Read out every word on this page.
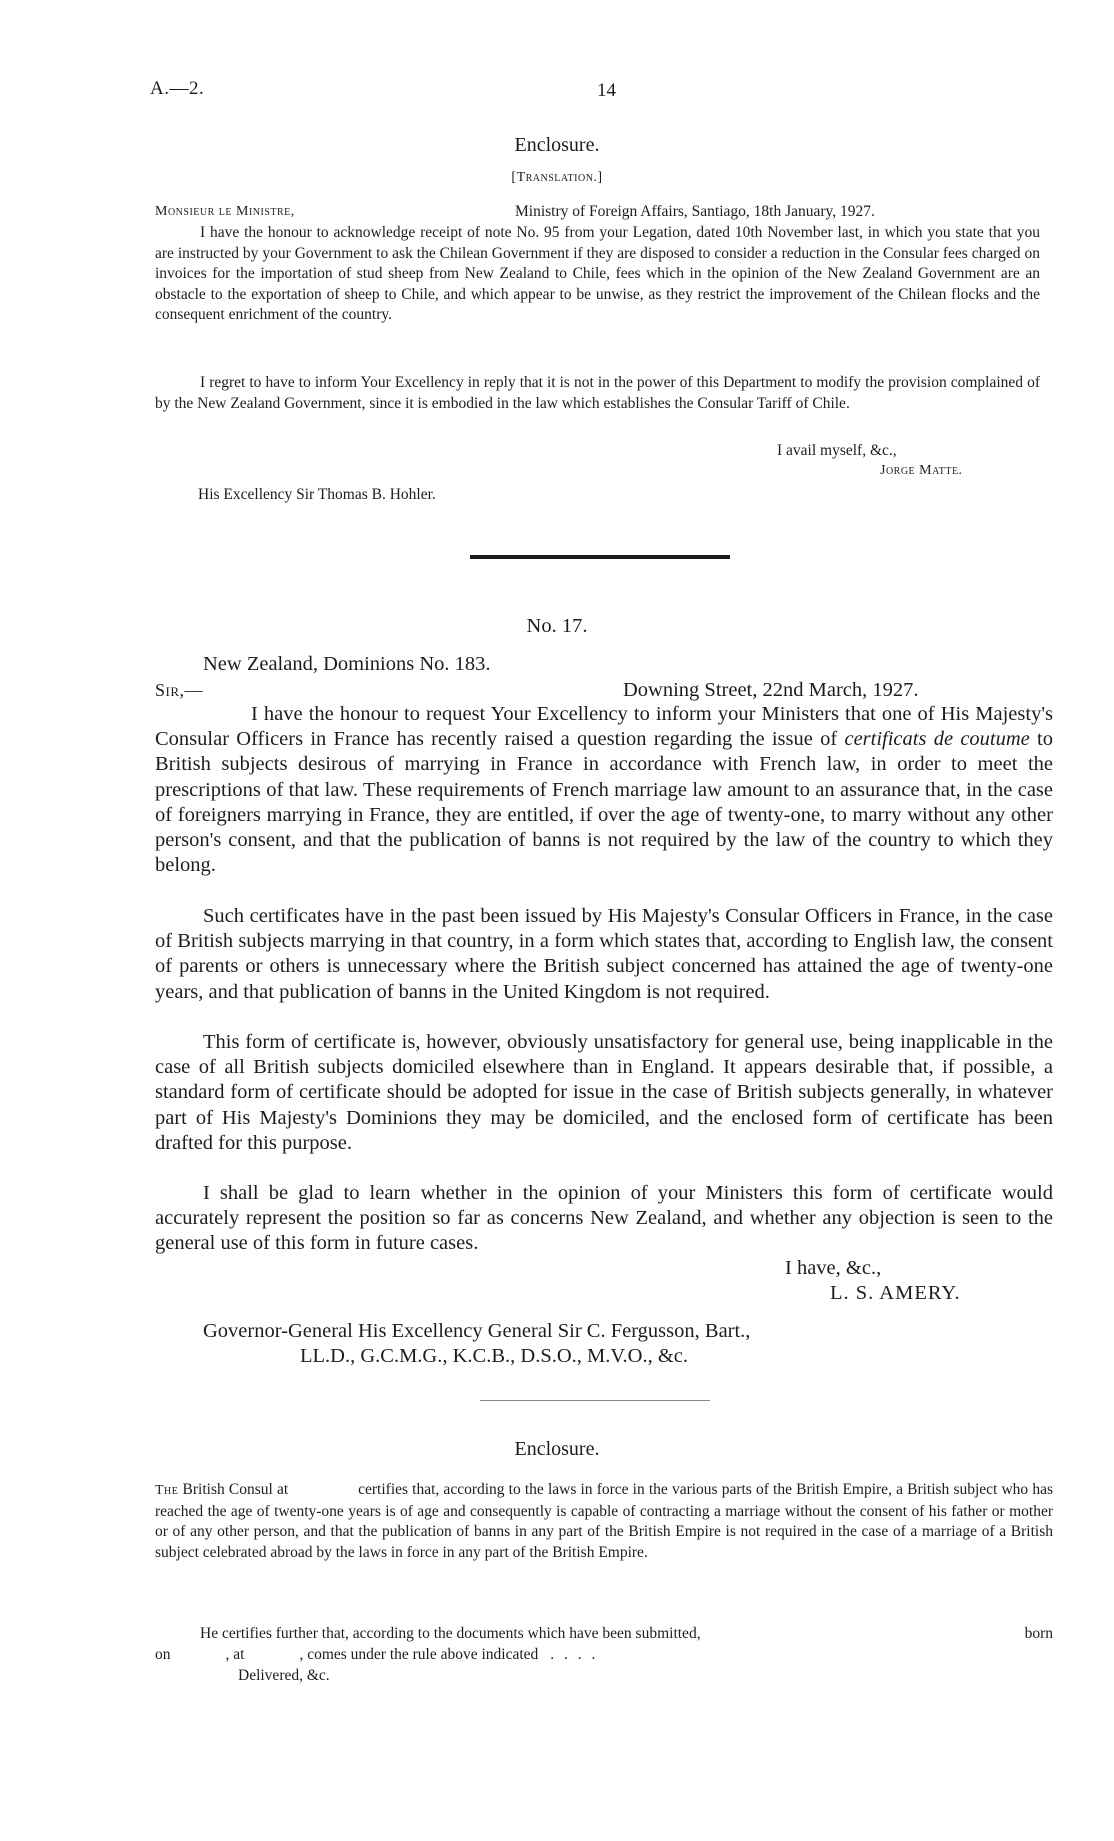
A.—2.	14
Enclosure.
[Translation.]
Monsieur le Ministre,	Ministry of Foreign Affairs, Santiago, 18th January, 1927.

I have the honour to acknowledge receipt of note No. 95 from your Legation, dated 10th November last, in which you state that you are instructed by your Government to ask the Chilean Government if they are disposed to consider a reduction in the Consular fees charged on invoices for the importation of stud sheep from New Zealand to Chile, fees which in the opinion of the New Zealand Government are an obstacle to the exportation of sheep to Chile, and which appear to be unwise, as they restrict the improvement of the Chilean flocks and the consequent enrichment of the country.

I regret to have to inform Your Excellency in reply that it is not in the power of this Department to modify the provision complained of by the New Zealand Government, since it is embodied in the law which establishes the Consular Tariff of Chile.

I avail myself, &c.,
Jorge Matte.
His Excellency Sir Thomas B. Hohler.
No. 17.
New Zealand, Dominions No. 183.
Sir,—	Downing Street, 22nd March, 1927.

I have the honour to request Your Excellency to inform your Ministers that one of His Majesty's Consular Officers in France has recently raised a question regarding the issue of certificats de coutume to British subjects desirous of marrying in France in accordance with French law, in order to meet the prescriptions of that law. These requirements of French marriage law amount to an assurance that, in the case of foreigners marrying in France, they are entitled, if over the age of twenty-one, to marry without any other person's consent, and that the publication of banns is not required by the law of the country to which they belong.

Such certificates have in the past been issued by His Majesty's Consular Officers in France, in the case of British subjects marrying in that country, in a form which states that, according to English law, the consent of parents or others is unnecessary where the British subject concerned has attained the age of twenty-one years, and that publication of banns in the United Kingdom is not required.

This form of certificate is, however, obviously unsatisfactory for general use, being inapplicable in the case of all British subjects domiciled elsewhere than in England. It appears desirable that, if possible, a standard form of certificate should be adopted for issue in the case of British subjects generally, in whatever part of His Majesty's Dominions they may be domiciled, and the enclosed form of certificate has been drafted for this purpose.

I shall be glad to learn whether in the opinion of your Ministers this form of certificate would accurately represent the position so far as concerns New Zealand, and whether any objection is seen to the general use of this form in future cases.

I have, &c.,
L. S. AMERY.
Governor-General His Excellency General Sir C. Fergusson, Bart.,
LL.D., G.C.M.G., K.C.B., D.S.O., M.V.O., &c.
Enclosure.

The British Consul at	certifies that, according to the laws in force in the various parts of the British Empire, a British subject who has reached the age of twenty-one years is of age and consequently is capable of contracting a marriage without the consent of his father or mother or of any other person, and that the publication of banns in any part of the British Empire is not required in the case of a marriage of a British subject celebrated abroad by the laws in force in any part of the British Empire.

He certifies further that, according to the documents which have been submitted,	born
on	, at	, comes under the rule above indicated . . . .
Delivered, &c.
